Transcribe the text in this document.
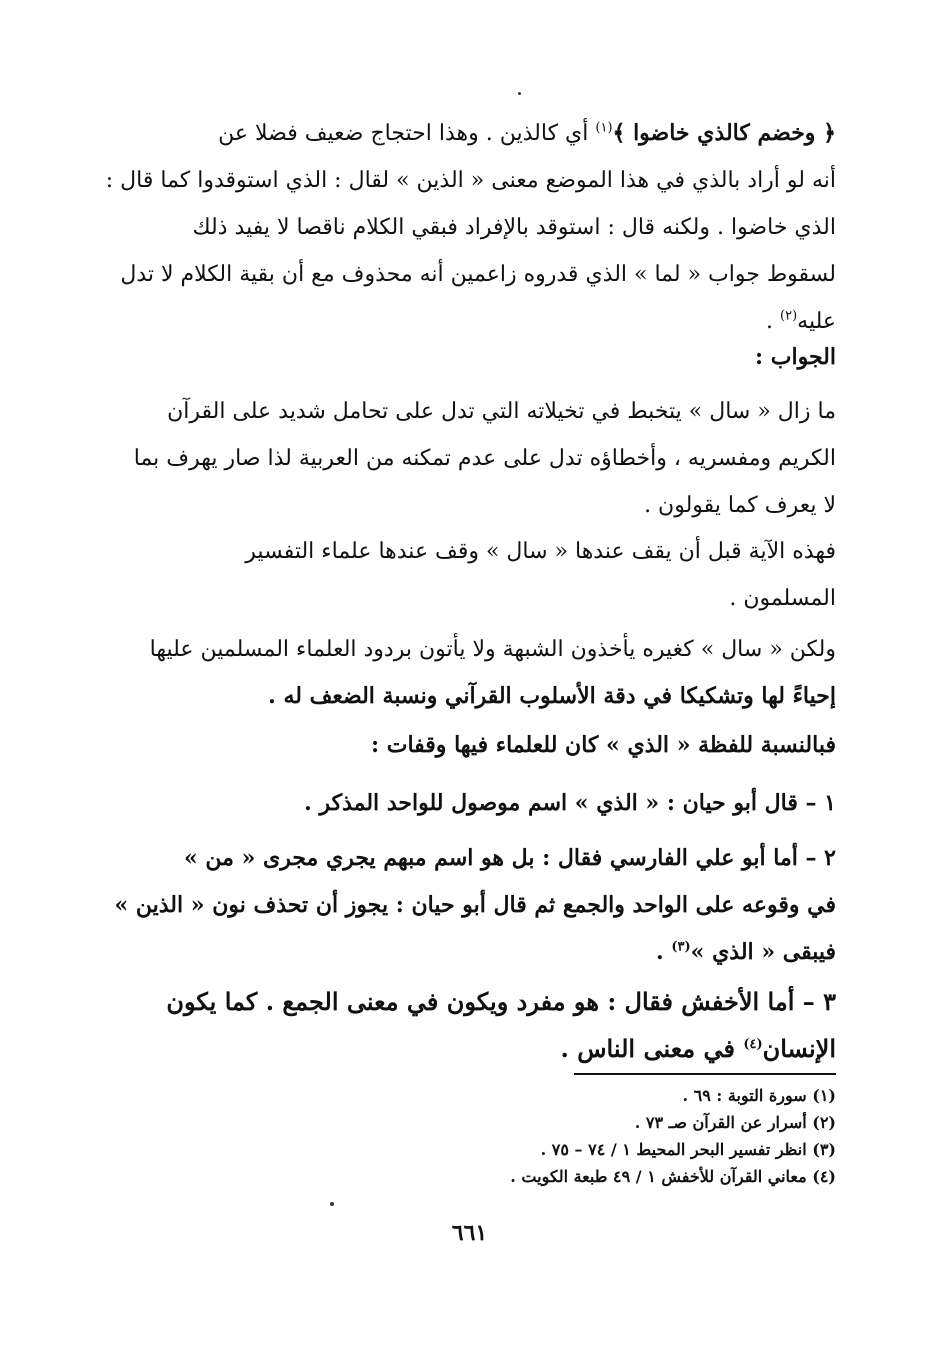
﴿ وخضم كالذي خاضوا ﴾$^{(١)}$ أي كالذين . وهذا احتجاج ضعيف فضلا عن
أنه لو أراد بالذي في هذا الموضع معنى « الذين » لقال : الذي استوقدوا كما قال :
الذي خاضوا . ولكنه قال : استوقد بالإفراد فبقي الكلام ناقصا لا يفيد ذلك
لسقوط جواب « لما » الذي قدروه زاعمين أنه محذوف مع أن بقية الكلام لا تدل
عليه$^{(٢)}$ .
الجواب :
ما زال « سال » يتخبط في تخيلاته التي تدل على تحامل شديد على القرآن
الكريم ومفسريه ، وأخطاؤه تدل على عدم تمكنه من العربية لذا صار يهرف بما
لا يعرف كما يقولون .
فهذه الآية قبل أن يقف عندها « سال » وقف عندها علماء التفسير
المسلمون .
ولكن « سال » كغيره يأخذون الشبهة ولا يأتون بردود العلماء المسلمين عليها
إحياءً لها وتشكيكا في دقة الأسلوب القرآني ونسبة الضعف له .
فبالنسبة للفظة « الذي » كان للعلماء فيها وقفات :
١ – قال أبو حيان : « الذي » اسم موصول للواحد المذكر .
٢ – أما أبو علي الفارسي فقال : بل هو اسم مبهم يجري مجرى « من »
في وقوعه على الواحد والجمع ثم قال أبو حيان : يجوز أن تحذف نون « الذين »
فيبقى « الذي »$^{(٣)}$ .
٣ – أما الأخفش فقال : هو مفرد ويكون في معنى الجمع . كما يكون
الإنسان$^{(٤)}$ في معنى الناس .
(١) سورة التوبة : ٦٩ .
(٢) أسرار عن القرآن صـ ٧٣ .
(٣) انظر تفسير البحر المحيط ١ / ٧٤ – ٧٥ .
(٤) معاني القرآن للأخفش ١ / ٤٩ طبعة الكويت .
٦٦١
